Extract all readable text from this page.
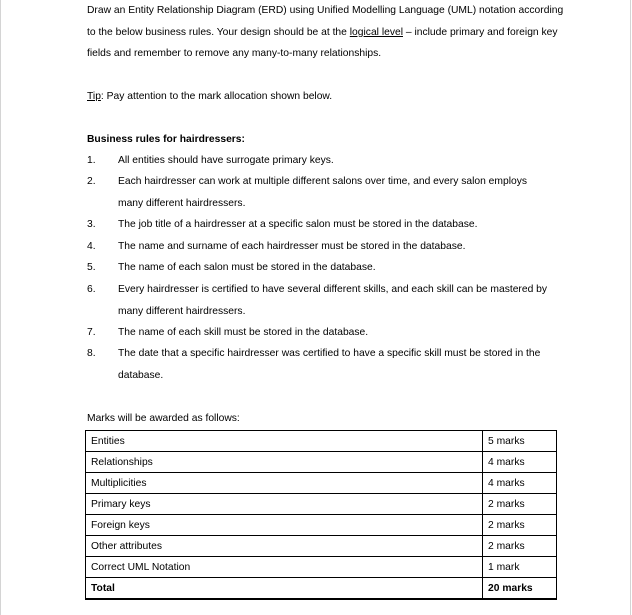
Draw an Entity Relationship Diagram (ERD) using Unified Modelling Language (UML) notation according to the below business rules. Your design should be at the logical level – include primary and foreign key fields and remember to remove any many-to-many relationships.
Tip: Pay attention to the mark allocation shown below.
Business rules for hairdressers:
1. All entities should have surrogate primary keys.
2. Each hairdresser can work at multiple different salons over time, and every salon employs many different hairdressers.
3. The job title of a hairdresser at a specific salon must be stored in the database.
4. The name and surname of each hairdresser must be stored in the database.
5. The name of each salon must be stored in the database.
6. Every hairdresser is certified to have several different skills, and each skill can be mastered by many different hairdressers.
7. The name of each skill must be stored in the database.
8. The date that a specific hairdresser was certified to have a specific skill must be stored in the database.
Marks will be awarded as follows:
Entities	5 marks
Relationships	4 marks
Multiplicities	4 marks
Primary keys	2 marks
Foreign keys	2 marks
Other attributes	2 marks
Correct UML Notation	1 mark
Total	20 marks
